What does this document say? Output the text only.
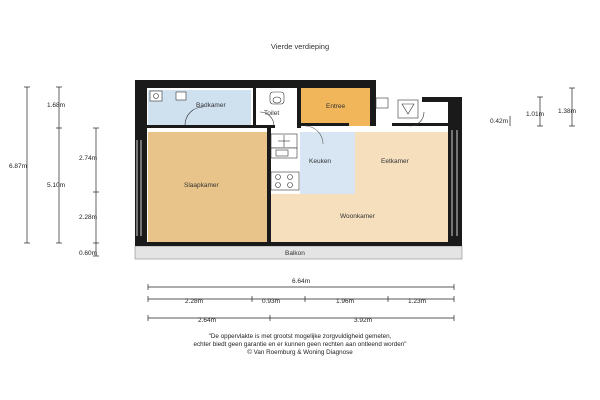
Vierde verdieping
Badkamer
Toilet
Entree
Keuken	Eetkamer
Slaapkamer
Woonkamer
Balkon
6.87m
1.68m
5.10m
2.74m
2.28m
0.60m
0.42m
1.01m 1.38m
6.64m
2.28m	0.93m	1.96m	1.23m
2.64m	3.92m
"De oppervlakte is met grootst mogelijke zorgvuldigheid gemeten,
echter biedt geen garantie en er kunnen geen rechten aan ontleend worden"
© Van Roemburg & Woning Diagnose
